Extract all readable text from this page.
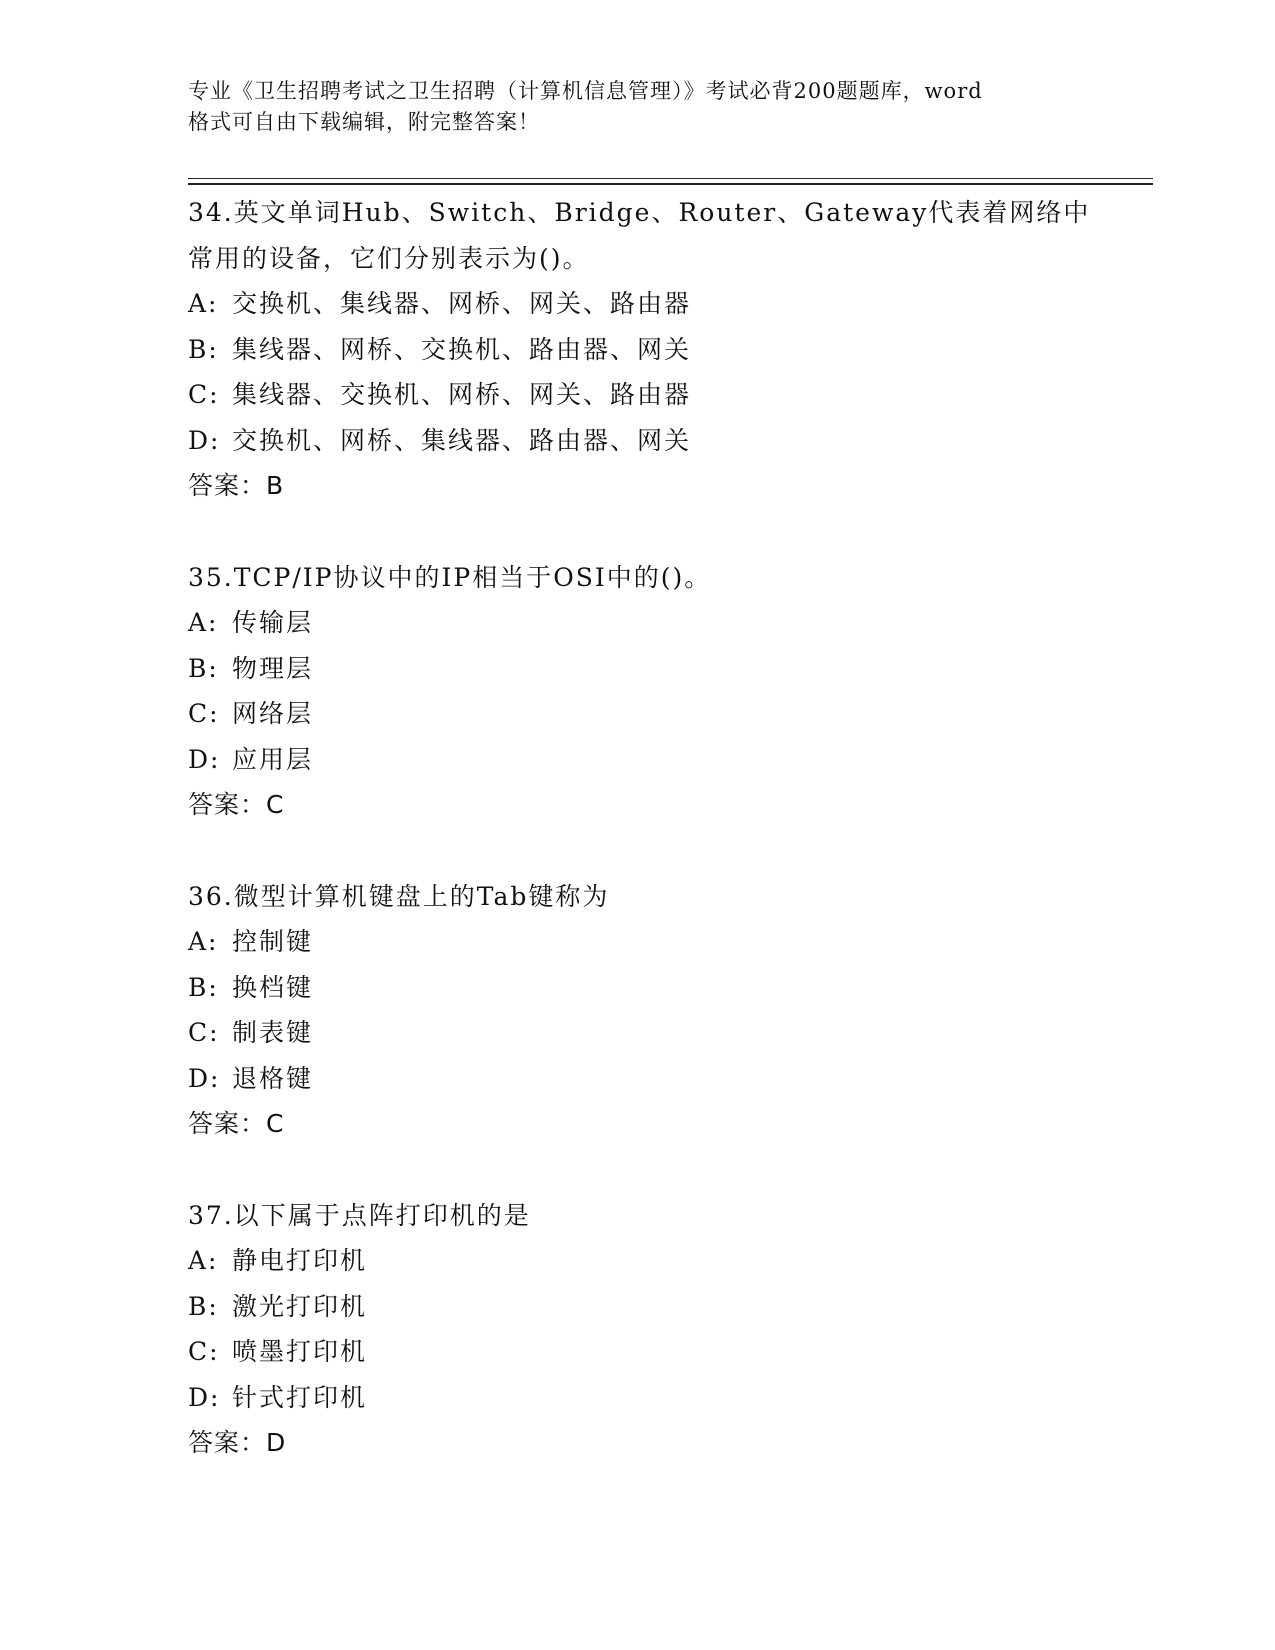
专业《卫生招聘考试之卫生招聘（计算机信息管理）》考试必背200题题库，word
格式可自由下载编辑，附完整答案！
34.英文单词Hub、Switch、Bridge、Router、Gateway代表着网络中
常用的设备，它们分别表示为()。
A: 交换机、集线器、网桥、网关、路由器
B: 集线器、网桥、交换机、路由器、网关
C: 集线器、交换机、网桥、网关、路由器
D: 交换机、网桥、集线器、路由器、网关
答案：B
35.TCP/IP协议中的IP相当于OSI中的()。
A: 传输层
B: 物理层
C: 网络层
D: 应用层
答案：C
36.微型计算机键盘上的Tab键称为
A: 控制键
B: 换档键
C: 制表键
D: 退格键
答案：C
37.以下属于点阵打印机的是
A: 静电打印机
B: 激光打印机
C: 喷墨打印机
D: 针式打印机
答案：D
